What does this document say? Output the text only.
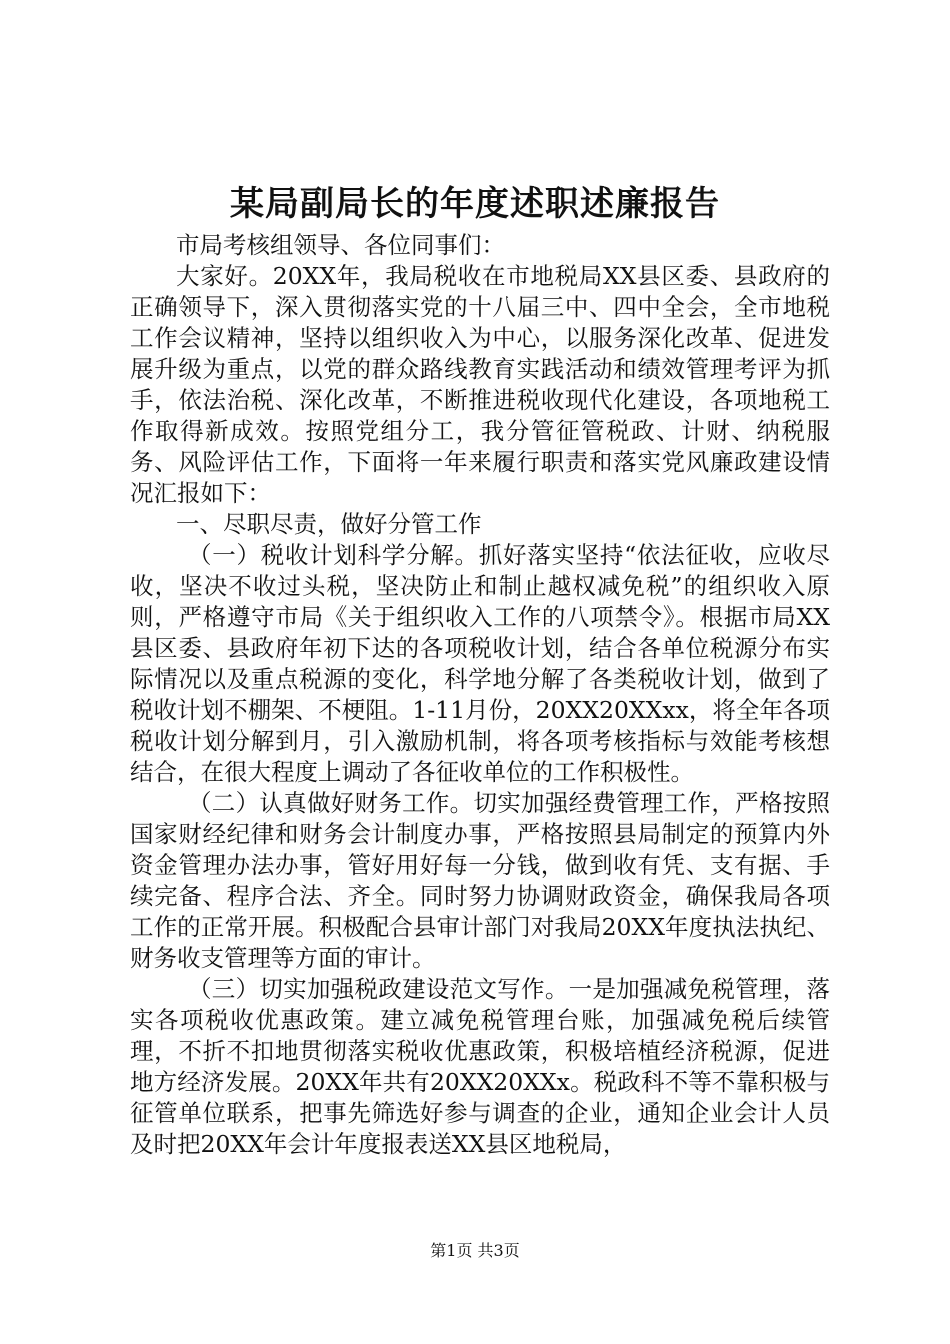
某局副局长的年度述职述廉报告

市局考核组领导、各位同事们：

大家好。20XX年，我局税收在市地税局XX县区委、县政府的正确领导下，深入贯彻落实党的十八届三中、四中全会，全市地税工作会议精神，坚持以组织收入为中心，以服务深化改革、促进发展升级为重点，以党的群众路线教育实践活动和绩效管理考评为抓手，依法治税、深化改革，不断推进税收现代化建设，各项地税工作取得新成效。按照党组分工，我分管征管税政、计财、纳税服务、风险评估工作，下面将一年来履行职责和落实党风廉政建设情况汇报如下：

一、尽职尽责，做好分管工作

（一）税收计划科学分解。抓好落实坚持“依法征收，应收尽收，坚决不收过头税，坚决防止和制止越权减免税”的组织收入原则，严格遵守市局《关于组织收入工作的八项禁令》。根据市局XX县区委、县政府年初下达的各项税收计划，结合各单位税源分布实际情况以及重点税源的变化，科学地分解了各类税收计划，做到了税收计划不棚架、不梗阻。1-11月份，20XX20XXxx，将全年各项税收计划分解到月，引入激励机制，将各项考核指标与效能考核想结合，在很大程度上调动了各征收单位的工作积极性。

（二）认真做好财务工作。切实加强经费管理工作，严格按照国家财经纪律和财务会计制度办事，严格按照县局制定的预算内外资金管理办法办事，管好用好每一分钱，做到收有凭、支有据、手续完备、程序合法、齐全。同时努力协调财政资金，确保我局各项工作的正常开展。积极配合县审计部门对我局20XX年度执法执纪、财务收支管理等方面的审计。

（三）切实加强税政建设范文写作。一是加强减免税管理，落实各项税收优惠政策。建立减免税管理台账，加强减免税后续管理，不折不扣地贯彻落实税收优惠政策，积极培植经济税源，促进地方经济发展。20XX年共有20XX20XXx。税政科不等不靠积极与征管单位联系，把事先筛选好参与调查的企业，通知企业会计人员及时把20XX年会计年度报表送XX县区地税局，

第1页 共3页
